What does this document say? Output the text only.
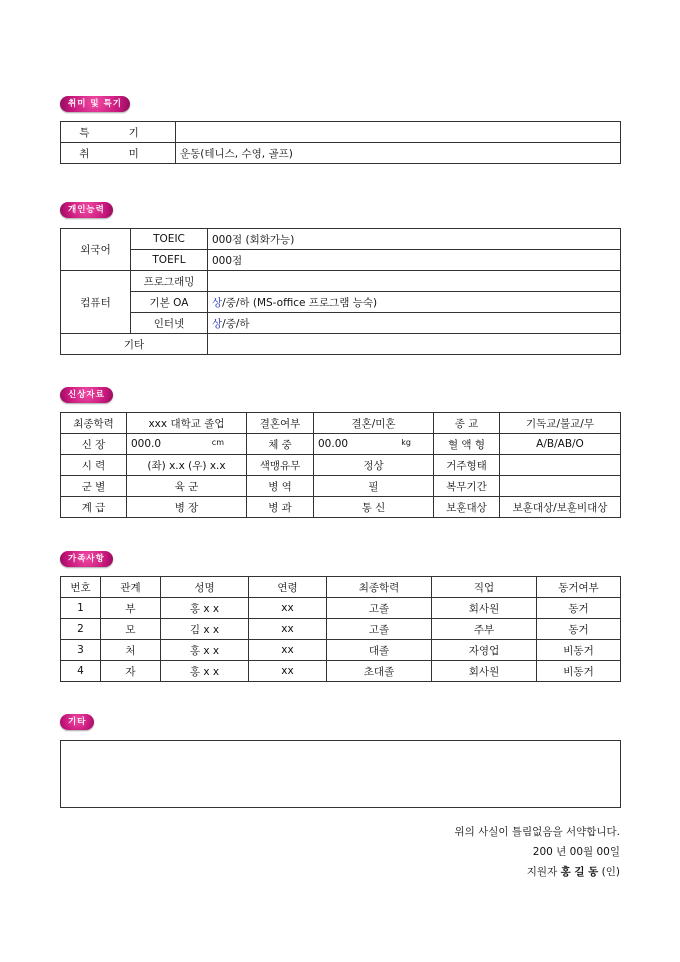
취미 및 특기
특 기	
취 미	운동(테니스, 수영, 골프)
개인능력
외국어	TOEIC	000점 (회화가능)
	TOEFL	000점
컴퓨터	프로그래밍	
	기본 OA	상/중/하 (MS-office 프로그램 능숙)
	인터넷	상/중/하
기타		
신상자료
최종학력	xxx 대학교 졸업	결혼여부	결혼/미혼	종 교	기독교/불교/무
신 장	000.0 cm	체 중	00.00 kg	혈 액 형	A/B/AB/O
시 력	(좌) x.x (우) x.x	색맹유무	정상	거주형태	
군 별	육 군	병 역	필	복무기간	
계 급	병 장	병 과	통 신	보훈대상	보훈대상/보훈비대상
가족사항
번호	관계	성명	연령	최종학력	직업	동거여부
1	부	홍 x x	xx	고졸	회사원	동거
2	모	김 x x	xx	고졸	주부	동거
3	처	홍 x x	xx	대졸	자영업	비동거
4	자	홍 x x	xx	초대졸	회사원	비동거
기타
위의 사실이 틀림없음을 서약합니다.
200 년 00월 00일
지원자 홍 길 동 (인)
